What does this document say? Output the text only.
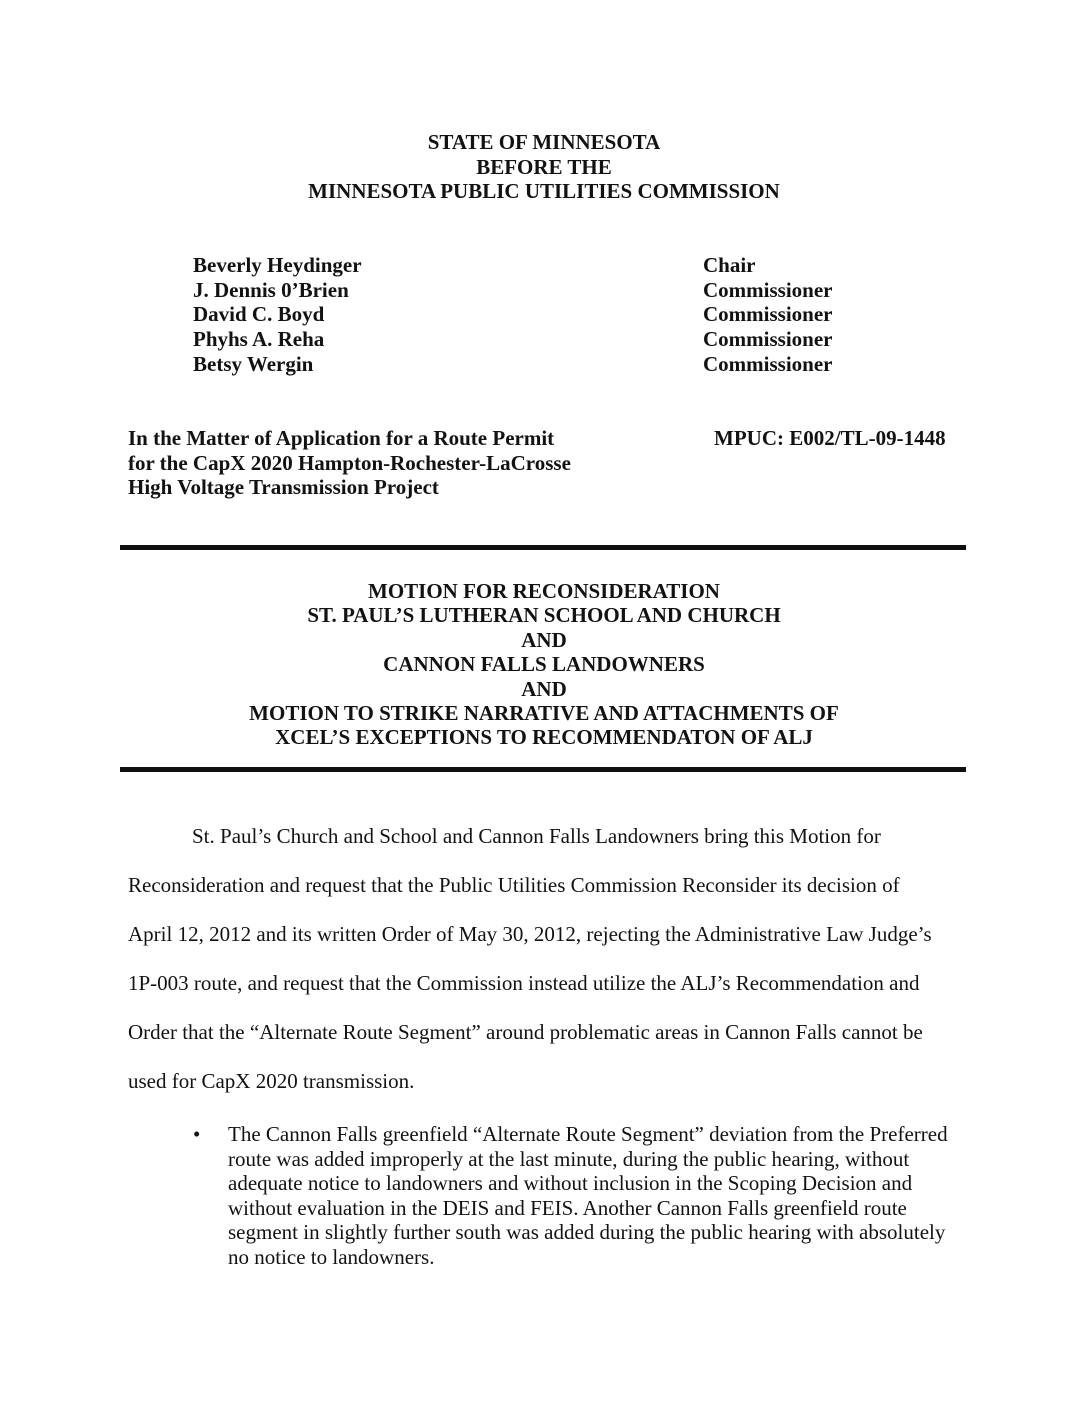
STATE OF MINNESOTA
BEFORE THE
MINNESOTA PUBLIC UTILITIES COMMISSION
Beverly Heydinger	Chair
J. Dennis 0’Brien	Commissioner
David C. Boyd	Commissioner
Phyhs A. Reha	Commissioner
Betsy Wergin	Commissioner
In the Matter of Application for a Route Permit
for the CapX 2020 Hampton-Rochester-LaCrosse
High Voltage Transmission Project
MPUC: E002/TL-09-1448
MOTION FOR RECONSIDERATION
ST. PAUL’S LUTHERAN SCHOOL AND CHURCH
AND
CANNON FALLS LANDOWNERS
AND
MOTION TO STRIKE NARRATIVE AND ATTACHMENTS OF
XCEL’S EXCEPTIONS TO RECOMMENDATON OF ALJ
St. Paul’s Church and School and Cannon Falls Landowners bring this Motion for
Reconsideration and request that the Public Utilities Commission Reconsider its decision of
April 12, 2012 and its written Order of May 30, 2012, rejecting the Administrative Law Judge’s
1P-003 route, and request that the Commission instead utilize the ALJ’s Recommendation and
Order that the “Alternate Route Segment” around problematic areas in Cannon Falls cannot be
used for CapX 2020 transmission.
•	The Cannon Falls greenfield “Alternate Route Segment” deviation from the Preferred
route was added improperly at the last minute, during the public hearing, without
adequate notice to landowners and without inclusion in the Scoping Decision and
without evaluation in the DEIS and FEIS. Another Cannon Falls greenfield route
segment in slightly further south was added during the public hearing with absolutely
no notice to landowners.
